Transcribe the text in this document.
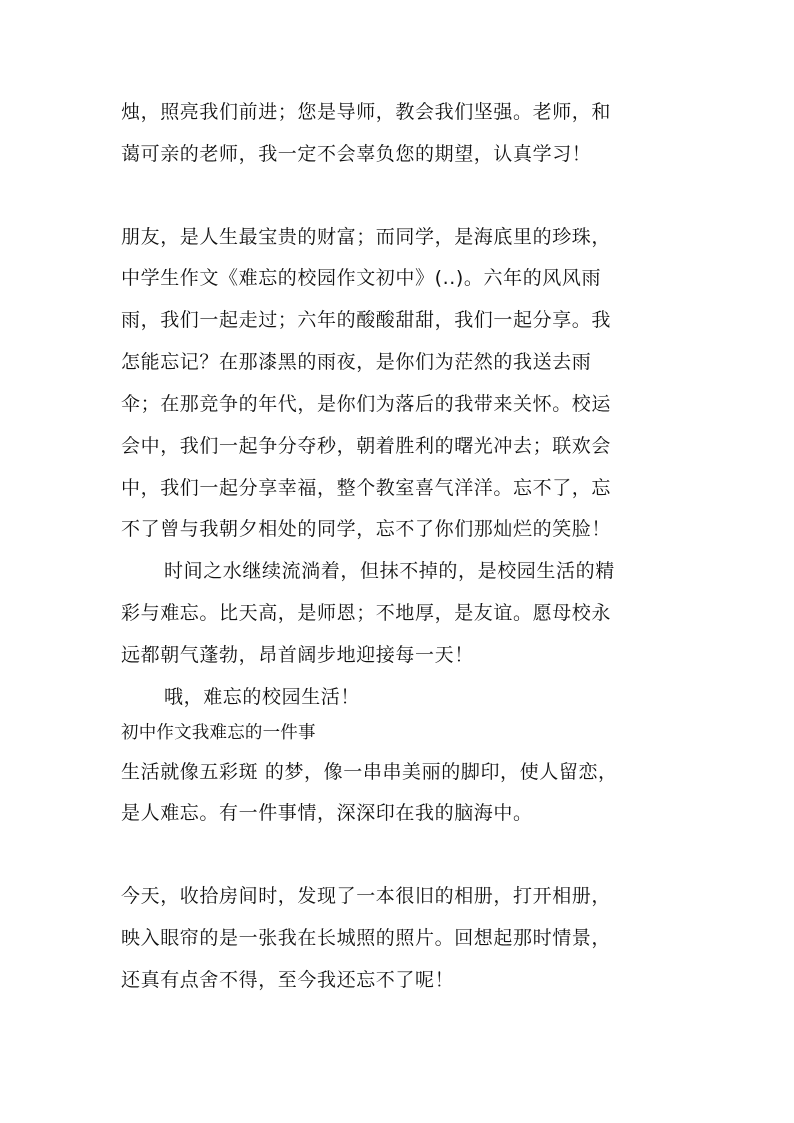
烛，照亮我们前进；您是导师，教会我们坚强。老师，和
蔼可亲的老师，我一定不会辜负您的期望，认真学习！
朋友，是人生最宝贵的财富；而同学，是海底里的珍珠，
中学生作文《难忘的校园作文初中》(..)。六年的风风雨
雨，我们一起走过；六年的酸酸甜甜，我们一起分享。我
怎能忘记？在那漆黑的雨夜，是你们为茫然的我送去雨
伞；在那竞争的年代，是你们为落后的我带来关怀。校运
会中，我们一起争分夺秒，朝着胜利的曙光冲去；联欢会
中，我们一起分享幸福，整个教室喜气洋洋。忘不了，忘
不了曾与我朝夕相处的同学，忘不了你们那灿烂的笑脸！
时间之水继续流淌着，但抹不掉的，是校园生活的精
彩与难忘。比天高，是师恩；不地厚，是友谊。愿母校永
远都朝气蓬勃，昂首阔步地迎接每一天！
哦，难忘的校园生活！
初中作文我难忘的一件事
生活就像五彩斑 的梦，像一串串美丽的脚印，使人留恋，
是人难忘。有一件事情，深深印在我的脑海中。
今天，收拾房间时，发现了一本很旧的相册，打开相册，
映入眼帘的是一张我在长城照的照片。回想起那时情景，
还真有点舍不得，至今我还忘不了呢！
